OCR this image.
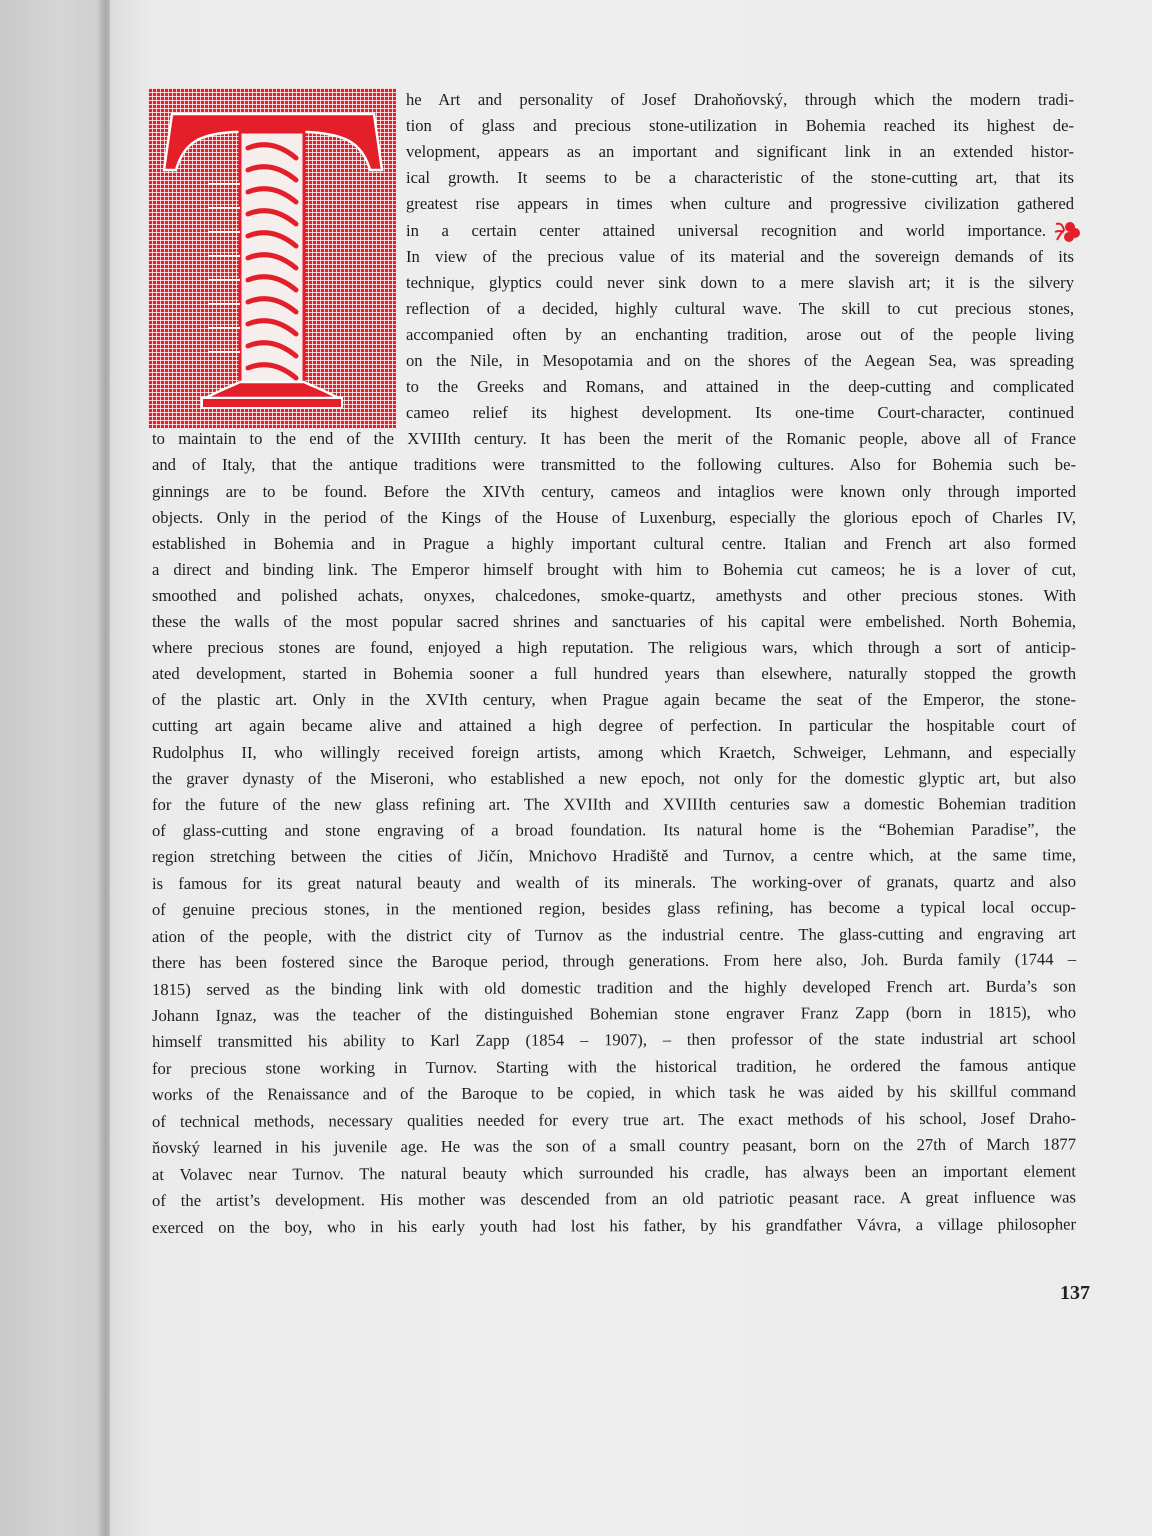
he Art and personality of Josef Drahoňovský, through which the modern tradi-
tion of glass and precious stone-utilization in Bohemia reached its highest de-
velopment, appears as an important and significant link in an extended histor-
ical growth. It seems to be a characteristic of the stone-cutting art, that its
greatest rise appears in times when culture and progressive civilization gathered
in a certain center attained universal recognition and world importance.
In view of the precious value of its material and the sovereign demands of its
technique, glyptics could never sink down to a mere slavish art; it is the silvery
reflection of a decided, highly cultural wave. The skill to cut precious stones,
accompanied often by an enchanting tradition, arose out of the people living
on the Nile, in Mesopotamia and on the shores of the Aegean Sea, was spreading
to the Greeks and Romans, and attained in the deep-cutting and complicated
cameo relief its highest development. Its one-time Court-character, continued
to maintain to the end of the XVIIIth century. It has been the merit of the Romanic people, above all of France
and of Italy, that the antique traditions were transmitted to the following cultures. Also for Bohemia such be-
ginnings are to be found. Before the XIVth century, cameos and intaglios were known only through imported
objects. Only in the period of the Kings of the House of Luxenburg, especially the glorious epoch of Charles IV,
established in Bohemia and in Prague a highly important cultural centre. Italian and French art also formed
a direct and binding link. The Emperor himself brought with him to Bohemia cut cameos; he is a lover of cut,
smoothed and polished achats, onyxes, chalcedones, smoke-quartz, amethysts and other precious stones. With
these the walls of the most popular sacred shrines and sanctuaries of his capital were embelished. North Bohemia,
where precious stones are found, enjoyed a high reputation. The religious wars, which through a sort of anticip-
ated development, started in Bohemia sooner a full hundred years than elsewhere, naturally stopped the growth
of the plastic art. Only in the XVIth century, when Prague again became the seat of the Emperor, the stone-
cutting art again became alive and attained a high degree of perfection. In particular the hospitable court of
Rudolphus II, who willingly received foreign artists, among which Kraetch, Schweiger, Lehmann, and especially
the graver dynasty of the Miseroni, who established a new epoch, not only for the domestic glyptic art, but also
for the future of the new glass refining art. The XVIIth and XVIIIth centuries saw a domestic Bohemian tradition
of glass-cutting and stone engraving of a broad foundation. Its natural home is the “Bohemian Paradise”, the
region stretching between the cities of Jičín, Mnichovo Hradiště and Turnov, a centre which, at the same time,
is famous for its great natural beauty and wealth of its minerals. The working-over of granats, quartz and also
of genuine precious stones, in the mentioned region, besides glass refining, has become a typical local occup-
ation of the people, with the district city of Turnov as the industrial centre. The glass-cutting and engraving art
there has been fostered since the Baroque period, through generations. From here also, Joh. Burda family (1744 –
1815) served as the binding link with old domestic tradition and the highly developed French art. Burda’s son
Johann Ignaz, was the teacher of the distinguished Bohemian stone engraver Franz Zapp (born in 1815), who
himself transmitted his ability to Karl Zapp (1854 – 1907), – then professor of the state industrial art school
for precious stone working in Turnov. Starting with the historical tradition, he ordered the famous antique
works of the Renaissance and of the Baroque to be copied, in which task he was aided by his skillful command
of technical methods, necessary qualities needed for every true art. The exact methods of his school, Josef Draho-
ňovský learned in his juvenile age. He was the son of a small country peasant, born on the 27th of March 1877
at Volavec near Turnov. The natural beauty which surrounded his cradle, has always been an important element
of the artist’s development. His mother was descended from an old patriotic peasant race. A great influence was
exerced on the boy, who in his early youth had lost his father, by his grandfather Vávra, a village philosopher
137
